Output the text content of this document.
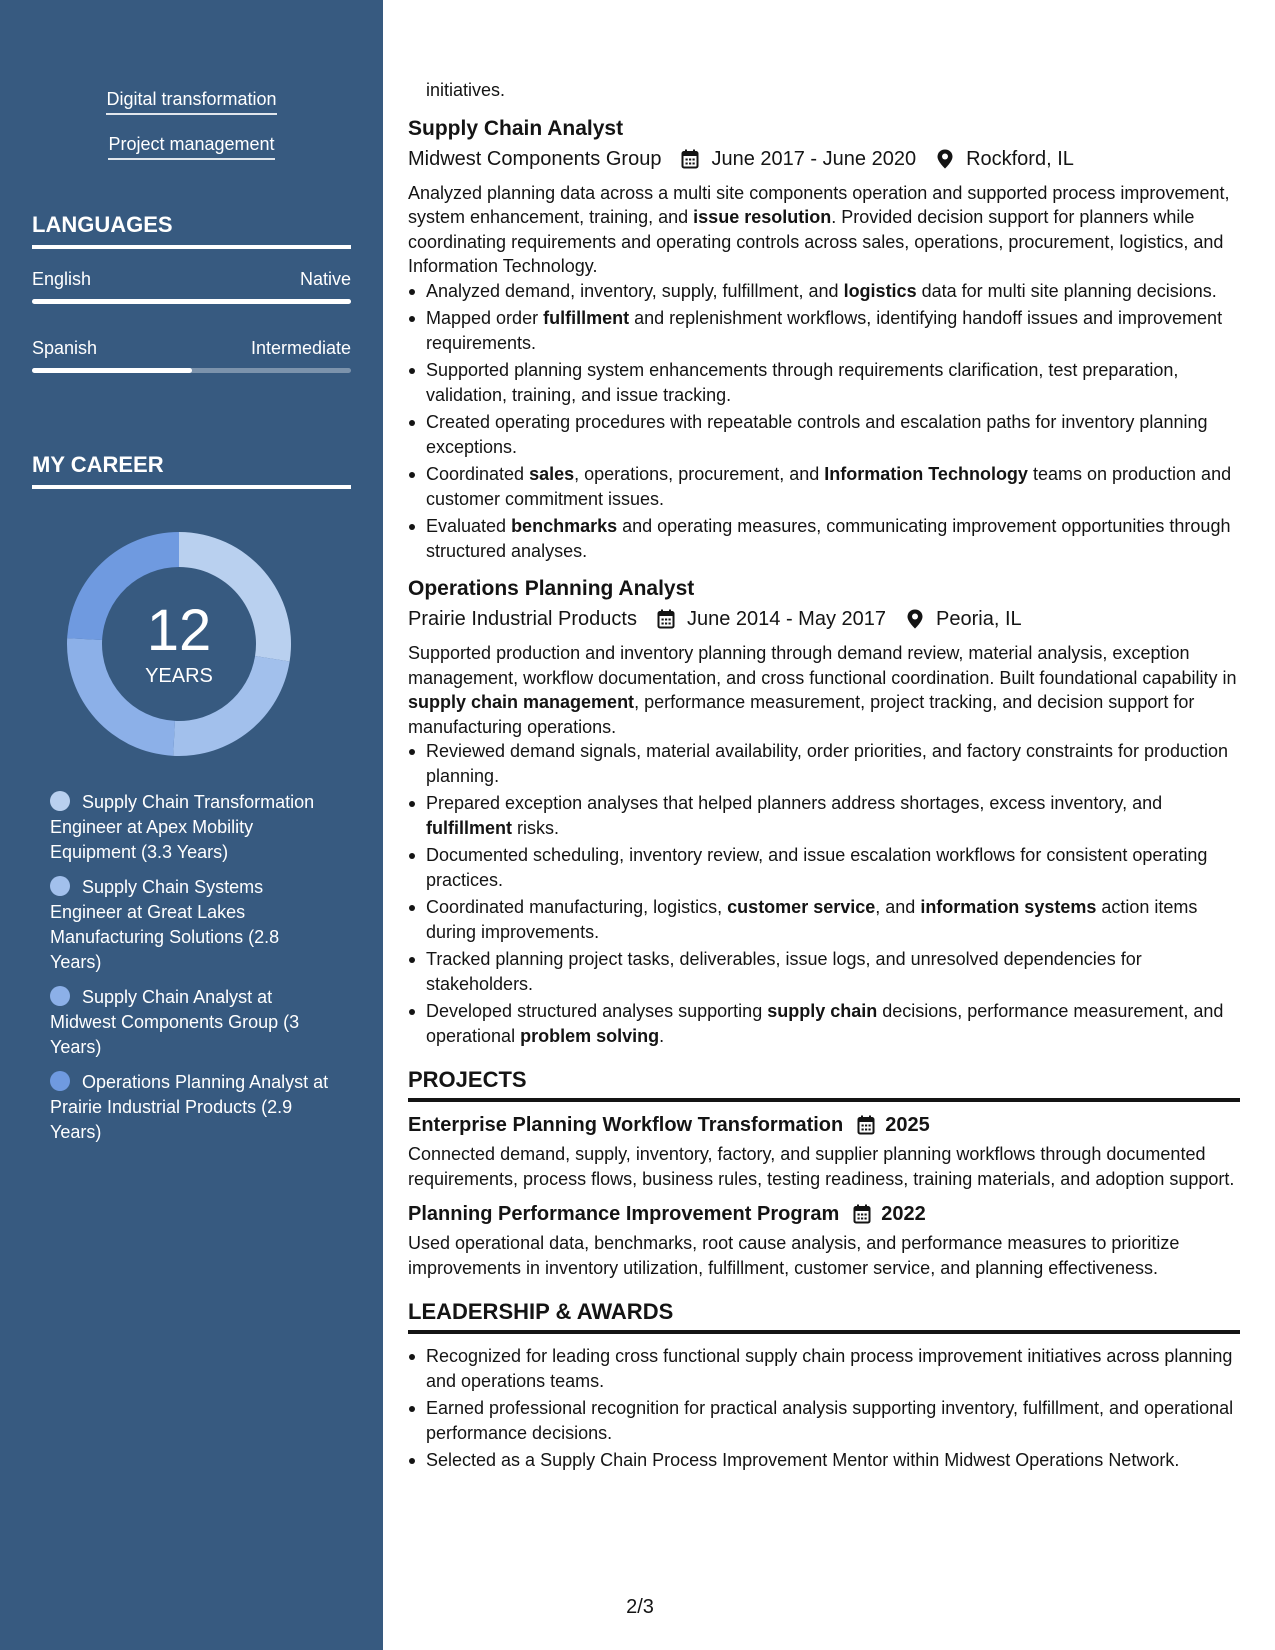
Digital transformation
Project management
LANGUAGES
English	Native
Spanish	Intermediate
MY CAREER
12
YEARS
Supply Chain Transformation Engineer at Apex Mobility Equipment (3.3 Years)
Supply Chain Systems Engineer at Great Lakes Manufacturing Solutions (2.8 Years)
Supply Chain Analyst at Midwest Components Group (3 Years)
Operations Planning Analyst at Prairie Industrial Products (2.9 Years)

initiatives.

Supply Chain Analyst
Midwest Components Group	June 2017 - June 2020	Rockford, IL

Analyzed planning data across a multi site components operation and supported process improvement, system enhancement, training, and issue resolution. Provided decision support for planners while coordinating requirements and operating controls across sales, operations, procurement, logistics, and Information Technology.

Analyzed demand, inventory, supply, fulfillment, and logistics data for multi site planning decisions.
Mapped order fulfillment and replenishment workflows, identifying handoff issues and improvement requirements.
Supported planning system enhancements through requirements clarification, test preparation, validation, training, and issue tracking.
Created operating procedures with repeatable controls and escalation paths for inventory planning exceptions.
Coordinated sales, operations, procurement, and Information Technology teams on production and customer commitment issues.
Evaluated benchmarks and operating measures, communicating improvement opportunities through structured analyses.
Operations Planning Analyst
Prairie Industrial Products	June 2014 - May 2017	Peoria, IL

Supported production and inventory planning through demand review, material analysis, exception management, workflow documentation, and cross functional coordination. Built foundational capability in supply chain management, performance measurement, project tracking, and decision support for manufacturing operations.

Reviewed demand signals, material availability, order priorities, and factory constraints for production planning.
Prepared exception analyses that helped planners address shortages, excess inventory, and fulfillment risks.
Documented scheduling, inventory review, and issue escalation workflows for consistent operating practices.
Coordinated manufacturing, logistics, customer service, and information systems action items during improvements.
Tracked planning project tasks, deliverables, issue logs, and unresolved dependencies for stakeholders.
Developed structured analyses supporting supply chain decisions, performance measurement, and operational problem solving.
PROJECTS
Enterprise Planning Workflow Transformation 2025

Connected demand, supply, inventory, factory, and supplier planning workflows through documented requirements, process flows, business rules, testing readiness, training materials, and adoption support.

Planning Performance Improvement Program 2022

Used operational data, benchmarks, root cause analysis, and performance measures to prioritize improvements in inventory utilization, fulfillment, customer service, and planning effectiveness.

LEADERSHIP & AWARDS
Recognized for leading cross functional supply chain process improvement initiatives across planning and operations teams.
Earned professional recognition for practical analysis supporting inventory, fulfillment, and operational performance decisions.
Selected as a Supply Chain Process Improvement Mentor within Midwest Operations Network.
2/3
